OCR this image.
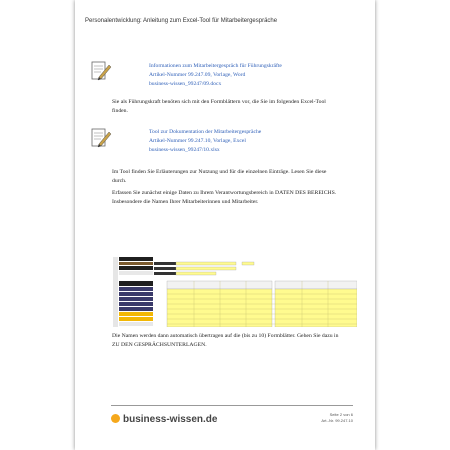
Personalentwicklung: Anleitung zum Excel-Tool für Mitarbeitergespräche
Informationen zum Mitarbeitergespräch für Führungskräfte
Artikel-Nummer 99.247.09, Vorlage, Word
business-wissen_99247/09.docx
Sie als Führungskraft benöten sich mit den Formblättern vor, die Sie im folgenden Excel-Tool finden.
Tool zur Dokumentation der Mitarbeitergespräche
Artikel-Nummer 99.247.10, Vorlage, Excel
business-wissen_99247/10.xlsx
Im Tool finden Sie Erläuterungen zur Nutzung und für die einzelnen Einträge. Lesen Sie diese durch.
Erfassen Sie zunächst einige Daten zu Ihrem Verantwortungsbereich in DATEN DES BEREICHS. Insbesondere die Namen Ihrer Mitarbeiterinnen und Mitarbeiter.
Die Namen werden dann automatisch übertragen auf die (bis zu 10) Formblätter. Gehen Sie dazu in ZU DEN GESPRÄCHSUNTERLAGEN.
business-wissen.de	Seite 2 von 6
Art.-Nr. 99.247.10
